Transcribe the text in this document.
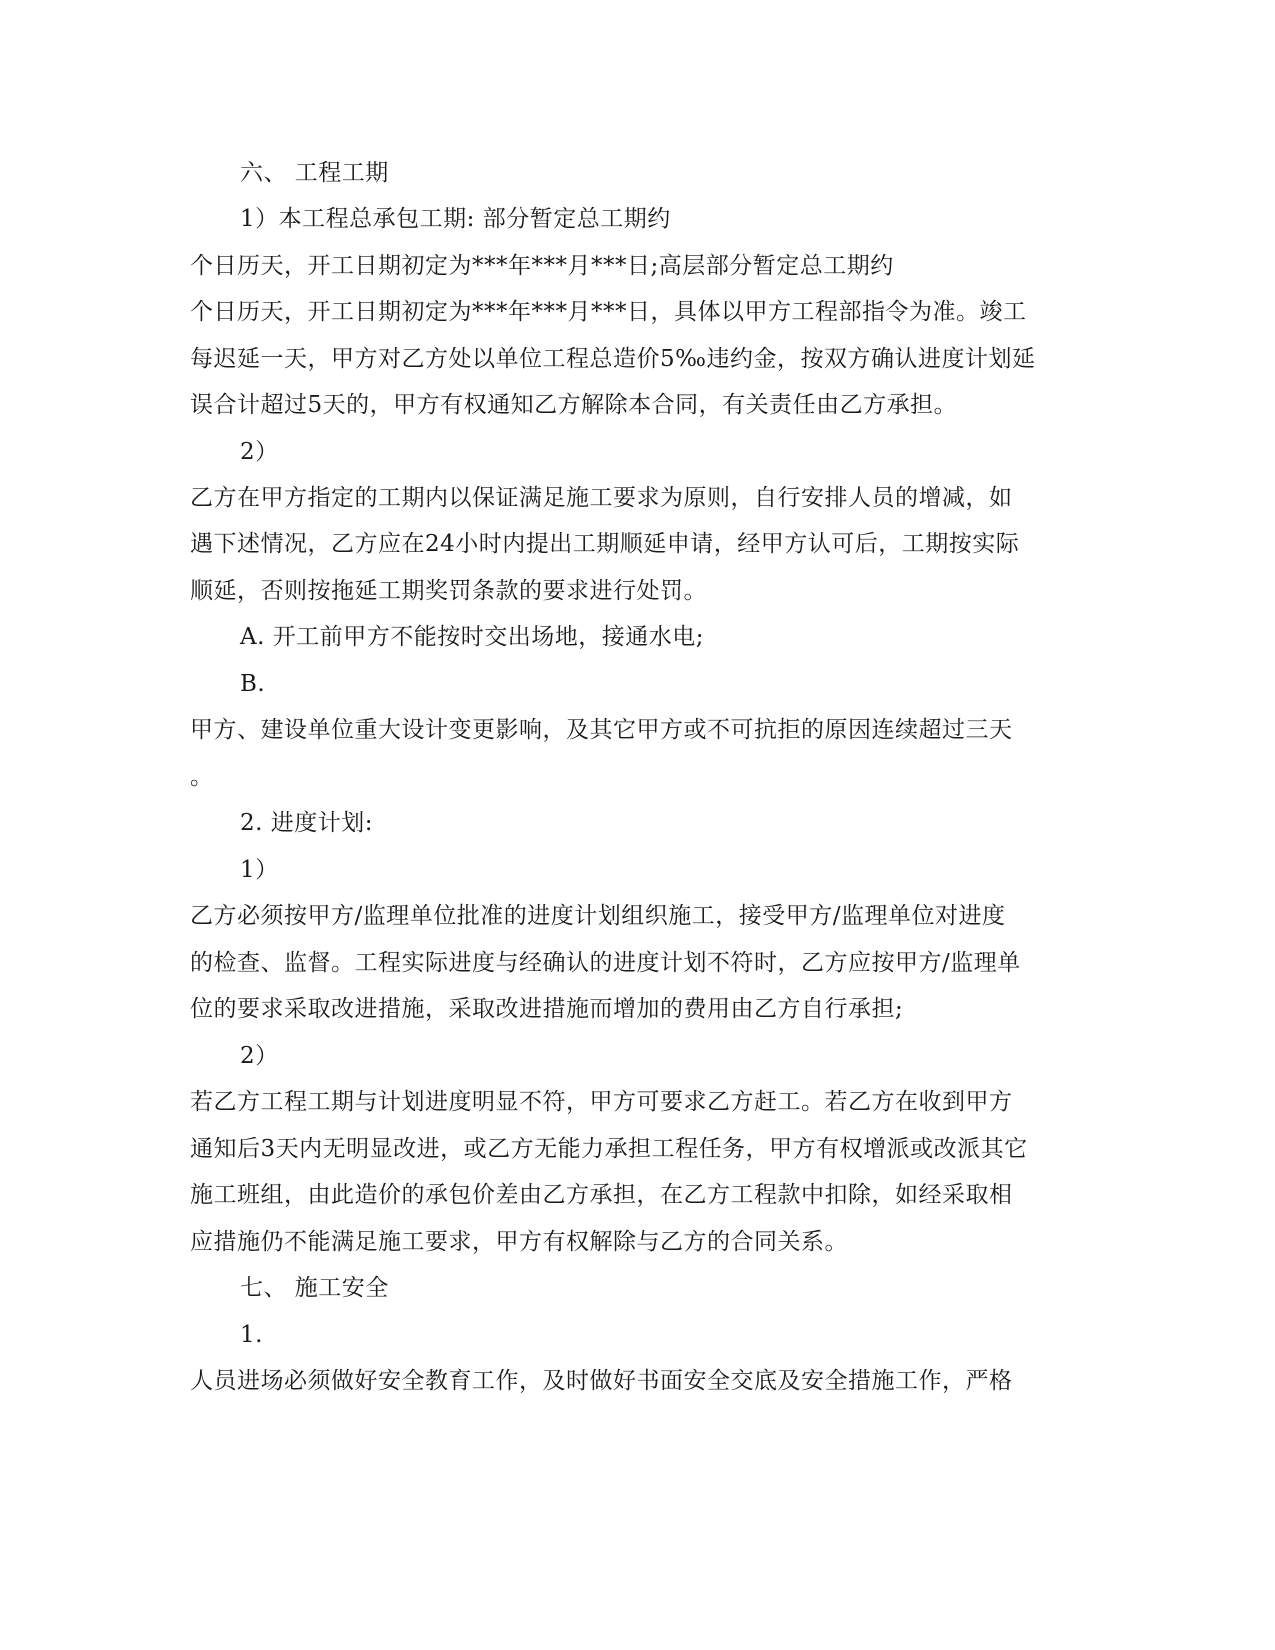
六、 工程工期
1）本工程总承包工期: 部分暂定总工期约
个日历天，开工日期初定为***年***月***日;高层部分暂定总工期约
个日历天，开工日期初定为***年***月***日，具体以甲方工程部指令为准。竣工
每迟延一天，甲方对乙方处以单位工程总造价5‰违约金，按双方确认进度计划延
误合计超过5天的，甲方有权通知乙方解除本合同，有关责任由乙方承担。
2）
乙方在甲方指定的工期内以保证满足施工要求为原则，自行安排人员的增减，如
遇下述情况，乙方应在24小时内提出工期顺延申请，经甲方认可后，工期按实际
顺延，否则按拖延工期奖罚条款的要求进行处罚。
A. 开工前甲方不能按时交出场地，接通水电;
B.
甲方、建设单位重大设计变更影响，及其它甲方或不可抗拒的原因连续超过三天
。
2. 进度计划:
1）
乙方必须按甲方/监理单位批准的进度计划组织施工，接受甲方/监理单位对进度
的检查、监督。工程实际进度与经确认的进度计划不符时，乙方应按甲方/监理单
位的要求采取改进措施，采取改进措施而增加的费用由乙方自行承担;
2）
若乙方工程工期与计划进度明显不符，甲方可要求乙方赶工。若乙方在收到甲方
通知后3天内无明显改进，或乙方无能力承担工程任务，甲方有权增派或改派其它
施工班组，由此造价的承包价差由乙方承担，在乙方工程款中扣除，如经采取相
应措施仍不能满足施工要求，甲方有权解除与乙方的合同关系。
七、 施工安全
1.
人员进场必须做好安全教育工作，及时做好书面安全交底及安全措施工作，严格
